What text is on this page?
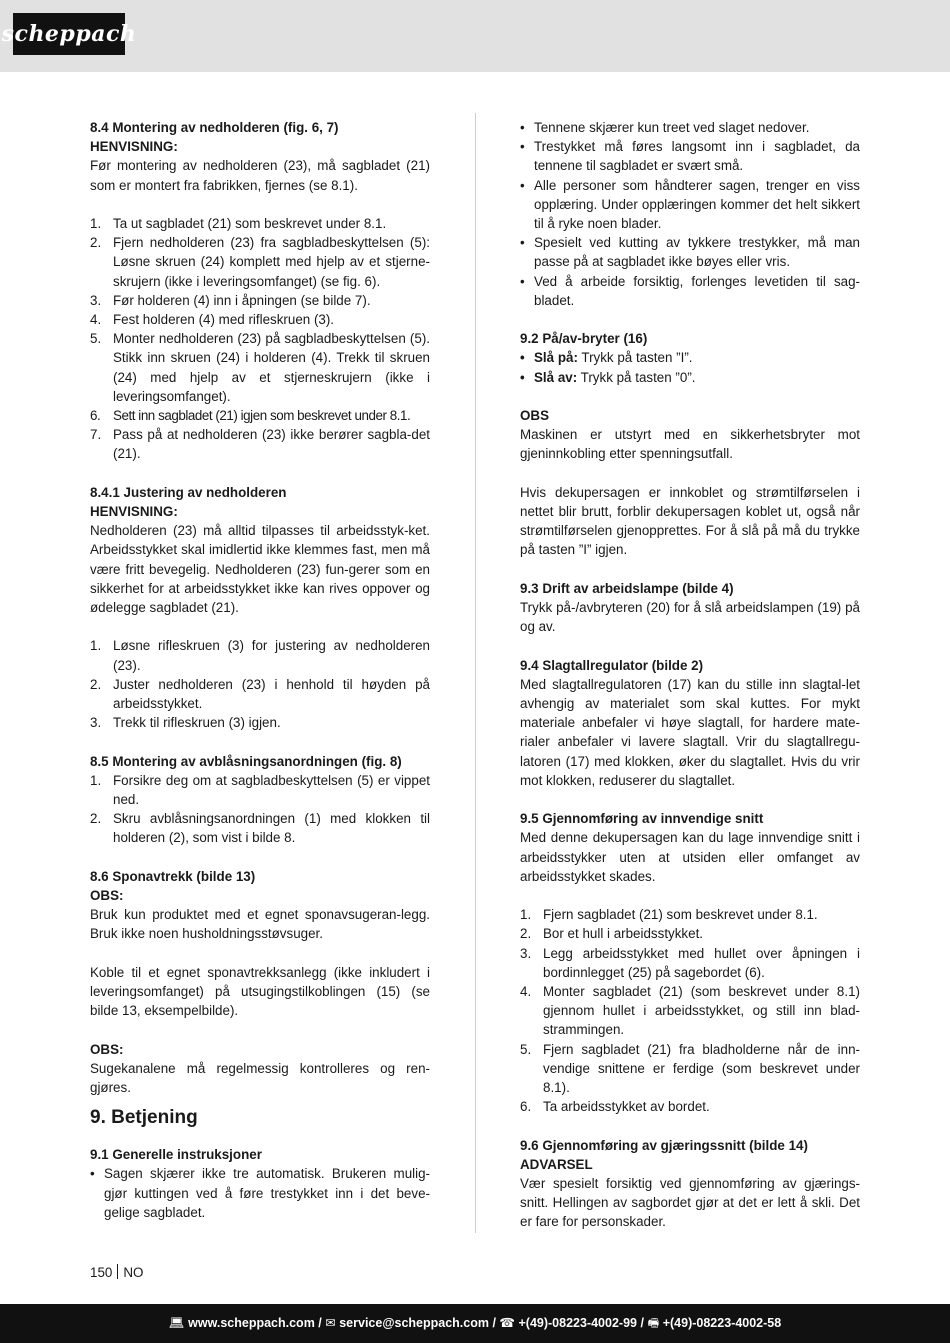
scheppach
8.4 Montering av nedholderen (fig. 6, 7)
HENVISNING:

Før montering av nedholderen (23), må sagbladet (21) som er montert fra fabrikken, fjernes (se 8.1).

1. Ta ut sagbladet (21) som beskrevet under 8.1.
2. Fjern nedholderen (23) fra sagbladbeskyttelsen (5): Løsne skruen (24) komplett med hjelp av et stjerne-skrujern (ikke i leveringsomfanget) (se fig. 6).
3. Før holderen (4) inn i åpningen (se bilde 7).
4. Fest holderen (4) med rifleskruen (3).
5. Monter nedholderen (23) på sagbladbeskyttelsen (5). Stikk inn skruen (24) i holderen (4). Trekk til skruen (24) med hjelp av et stjerneskrujern (ikke i leveringsomfanget).
6. Sett inn sagbladet (21) igjen som beskrevet under 8.1.
7. Pass på at nedholderen (23) ikke berører sagbla-det (21).
8.4.1 Justering av nedholderen
HENVISNING:

Nedholderen (23) må alltid tilpasses til arbeidsstyk-ket. Arbeidsstykket skal imidlertid ikke klemmes fast, men må være fritt bevegelig. Nedholderen (23) fun-gerer som en sikkerhet for at arbeidsstykket ikke kan rives oppover og ødelegge sagbladet (21).

1. Løsne rifleskruen (3) for justering av nedholderen (23).
2. Juster nedholderen (23) i henhold til høyden på arbeidsstykket.
3. Trekk til rifleskruen (3) igjen.
8.5 Montering av avblåsningsanordningen (fig. 8)
1. Forsikre deg om at sagbladbeskyttelsen (5) er vippet ned.
2. Skru avblåsningsanordningen (1) med klokken til holderen (2), som vist i bilde 8.
8.6 Sponavtrekk (bilde 13)
OBS:

Bruk kun produktet med et egnet sponavsugeran-legg. Bruk ikke noen husholdningsstøvsuger.

Koble til et egnet sponavtrekksanlegg (ikke inkludert i leveringsomfanget) på utsugingstilkoblingen (15) (se bilde 13, eksempelbilde).

OBS:

Sugekanalene må regelmessig kontrolleres og ren-gjøres.

9. Betjening
9.1 Generelle instruksjoner
• Sagen skjærer ikke tre automatisk. Brukeren mulig-gjør kuttingen ved å føre trestykket inn i det beve-gelige sagbladet.
• Tennene skjærer kun treet ved slaget nedover.
• Trestykket må føres langsomt inn i sagbladet, da tennene til sagbladet er svært små.
• Alle personer som håndterer sagen, trenger en viss opplæring. Under opplæringen kommer det helt sikkert til å ryke noen blader.
• Spesielt ved kutting av tykkere trestykker, må man passe på at sagbladet ikke bøyes eller vris.
• Ved å arbeide forsiktig, forlenges levetiden til sag-bladet.
9.2 På/av-bryter (16)
• Slå på: Trykk på tasten ”I”.
• Slå av: Trykk på tasten ”0”.
OBS

Maskinen er utstyrt med en sikkerhetsbryter mot gjeninnkobling etter spenningsutfall.

Hvis dekupersagen er innkoblet og strømtilførselen i nettet blir brutt, forblir dekupersagen koblet ut, også når strømtilførselen gjenopprettes. For å slå på må du trykke på tasten ”I” igjen.

9.3 Drift av arbeidslampe (bilde 4)

Trykk på-/avbryteren (20) for å slå arbeidslampen (19) på og av.

9.4 Slagtallregulator (bilde 2)

Med slagtallregulatoren (17) kan du stille inn slagtal-let avhengig av materialet som skal kuttes. For mykt materiale anbefaler vi høye slagtall, for hardere mate-rialer anbefaler vi lavere slagtall. Vrir du slagtallregu-latoren (17) med klokken, øker du slagtallet. Hvis du vrir mot klokken, reduserer du slagtallet.

9.5 Gjennomføring av innvendige snitt

Med denne dekupersagen kan du lage innvendige snitt i arbeidsstykker uten at utsiden eller omfanget av arbeidsstykket skades.

1. Fjern sagbladet (21) som beskrevet under 8.1.
2. Bor et hull i arbeidsstykket.
3. Legg arbeidsstykket med hullet over åpningen i bordinnlegget (25) på sagebordet (6).
4. Monter sagbladet (21) (som beskrevet under 8.1) gjennom hullet i arbeidsstykket, og still inn blad-strammingen.
5. Fjern sagbladet (21) fra bladholderne når de inn-vendige snittene er ferdige (som beskrevet under 8.1).
6. Ta arbeidsstykket av bordet.
9.6 Gjennomføring av gjæringssnitt (bilde 14)
ADVARSEL

Vær spesielt forsiktig ved gjennomføring av gjærings-snitt. Hellingen av sagbordet gjør at det er lett å skli. Det er fare for personskader.

150 NO
💻︎ www.scheppach.com / ✉︎ service@scheppach.com / ☎︎ +(49)-08223-4002-99 / 🖷︎ +(49)-08223-4002-58
